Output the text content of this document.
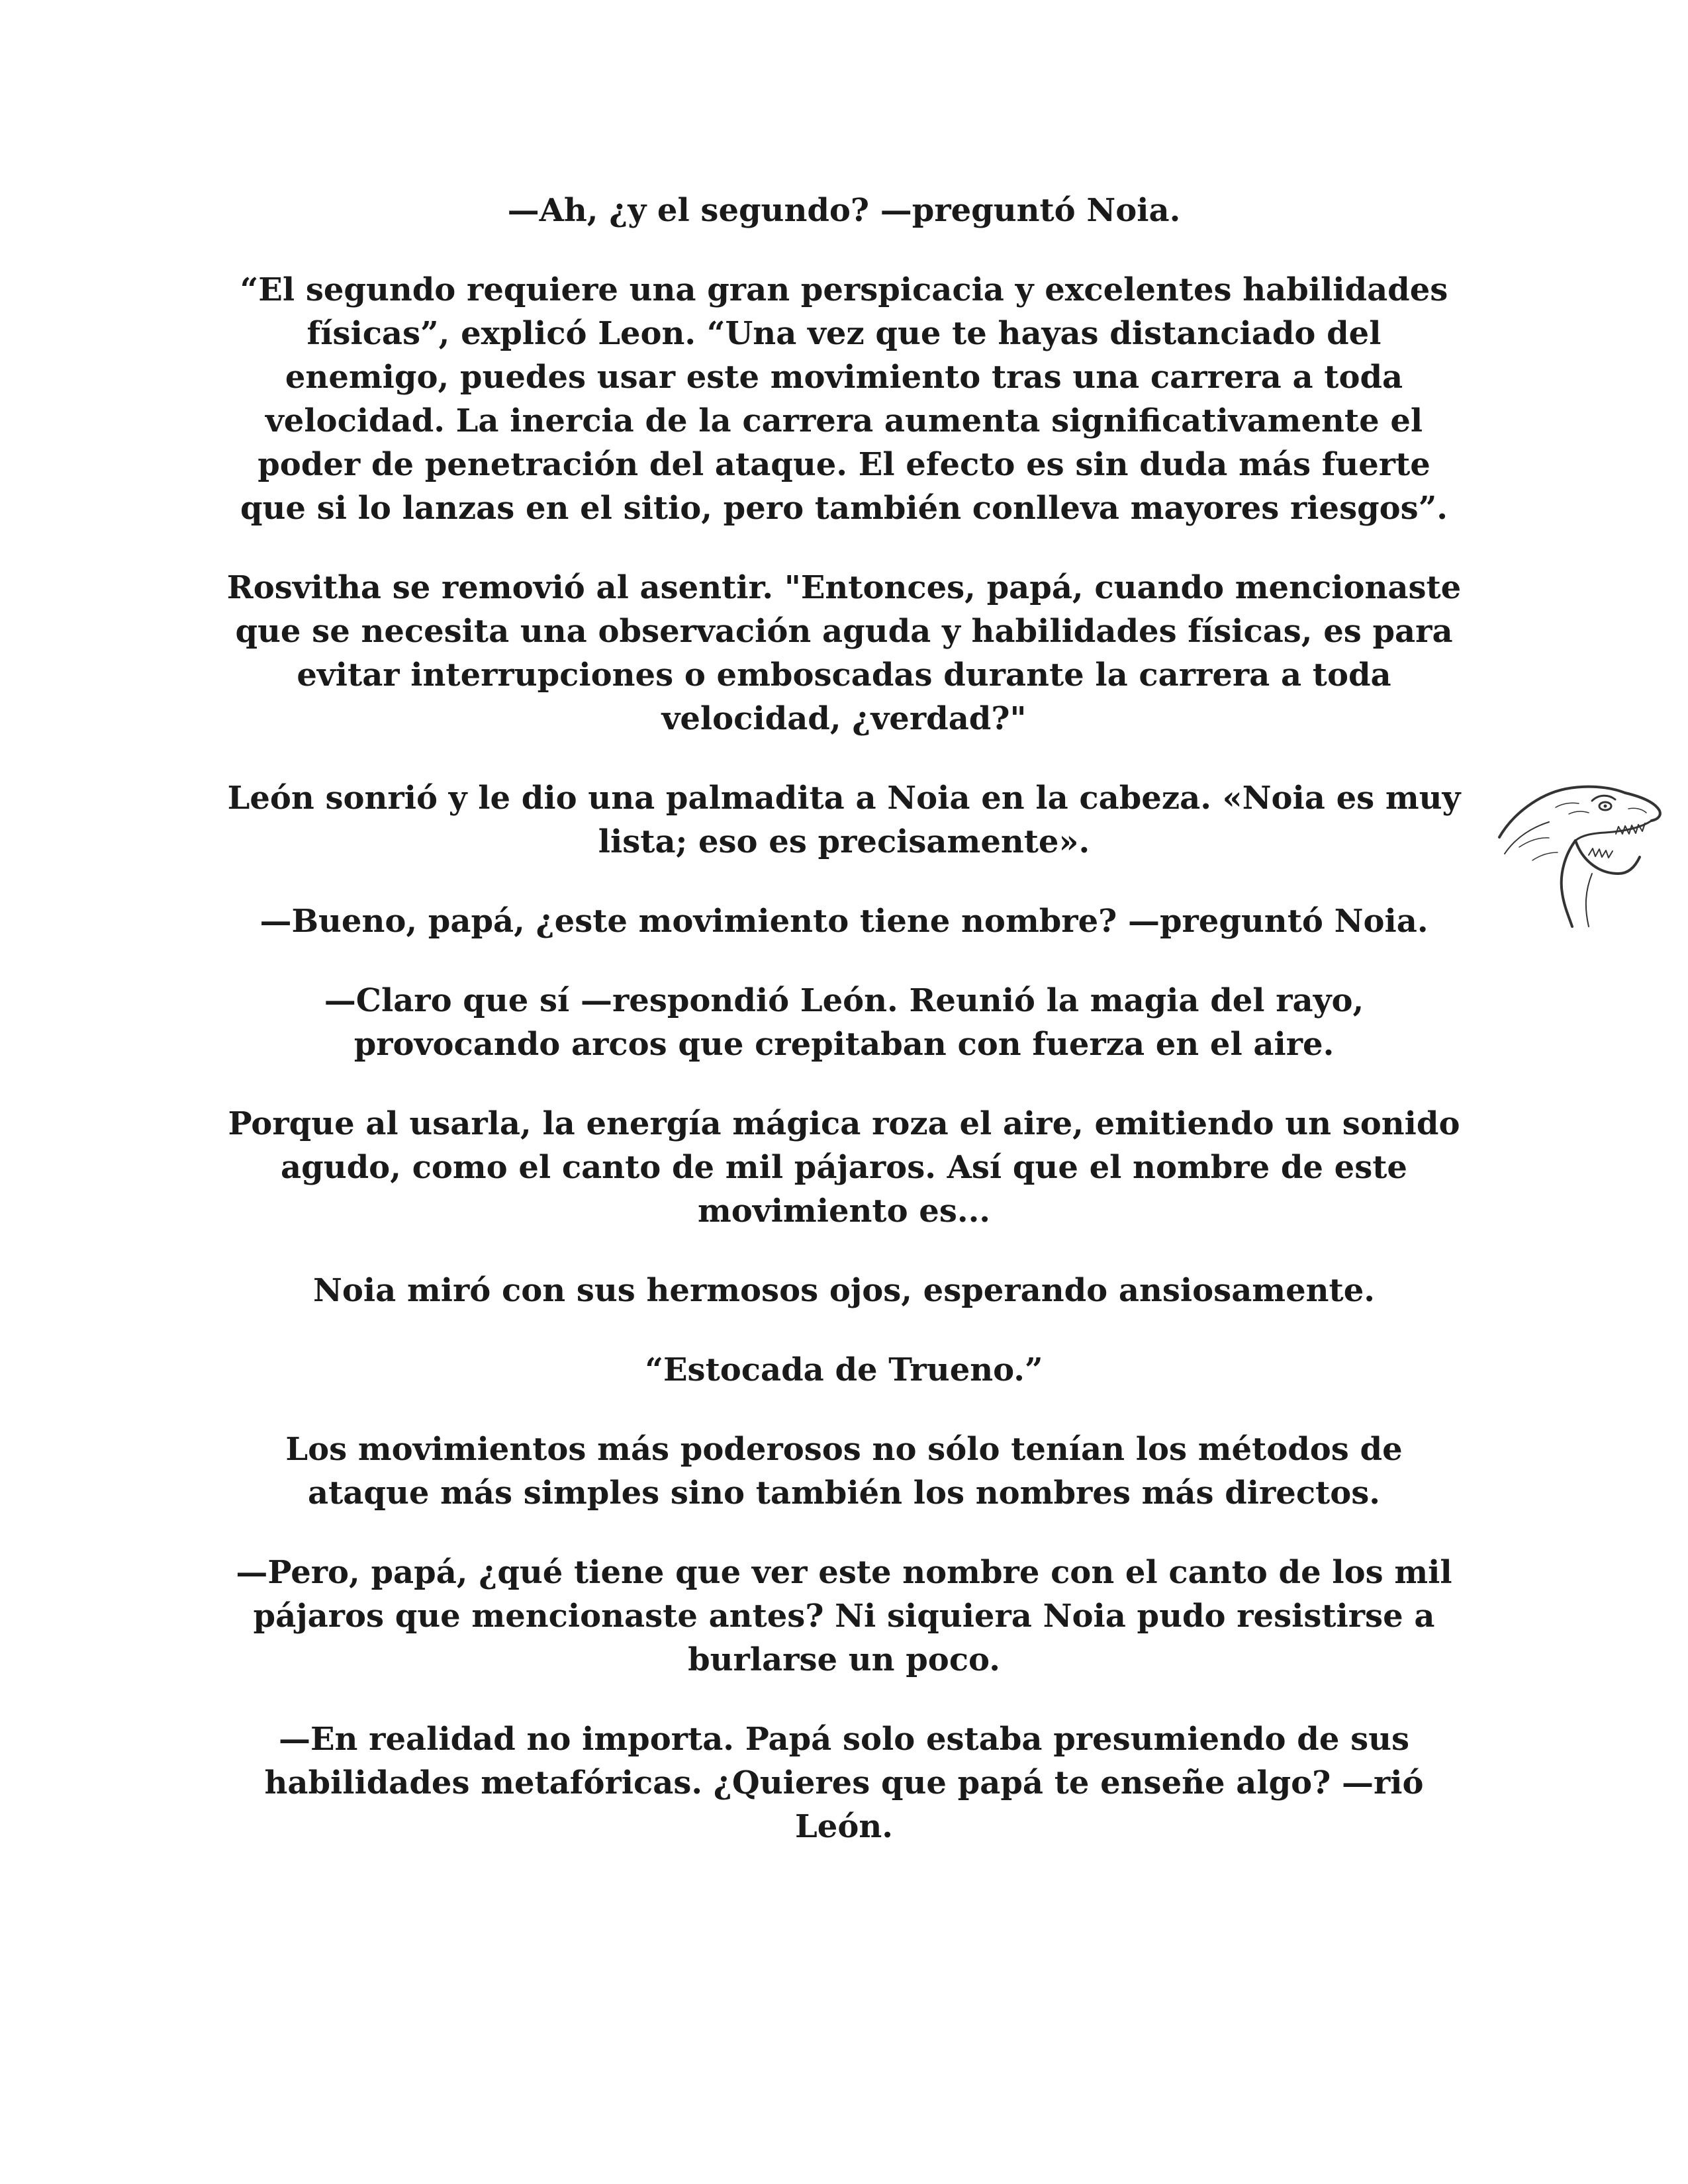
—Ah, ¿y el segundo? —preguntó Noia.

“El segundo requiere una gran perspicacia y excelentes habilidades físicas”, explicó Leon. “Una vez que te hayas distanciado del enemigo, puedes usar este movimiento tras una carrera a toda velocidad. La inercia de la carrera aumenta significativamente el poder de penetración del ataque. El efecto es sin duda más fuerte que si lo lanzas en el sitio, pero también conlleva mayores riesgos”.

Rosvitha se removió al asentir. "Entonces, papá, cuando mencionaste que se necesita una observación aguda y habilidades físicas, es para evitar interrupciones o emboscadas durante la carrera a toda velocidad, ¿verdad?"

León sonrió y le dio una palmadita a Noia en la cabeza. «Noia es muy lista; eso es precisamente».

—Bueno, papá, ¿este movimiento tiene nombre? —preguntó Noia.

—Claro que sí —respondió León. Reunió la magia del rayo, provocando arcos que crepitaban con fuerza en el aire.

Porque al usarla, la energía mágica roza el aire, emitiendo un sonido agudo, como el canto de mil pájaros. Así que el nombre de este movimiento es...

Noia miró con sus hermosos ojos, esperando ansiosamente.

“Estocada de Trueno.”

Los movimientos más poderosos no sólo tenían los métodos de ataque más simples sino también los nombres más directos.

—Pero, papá, ¿qué tiene que ver este nombre con el canto de los mil pájaros que mencionaste antes? Ni siquiera Noia pudo resistirse a burlarse un poco.

—En realidad no importa. Papá solo estaba presumiendo de sus habilidades metafóricas. ¿Quieres que papá te enseñe algo? —rió León.
